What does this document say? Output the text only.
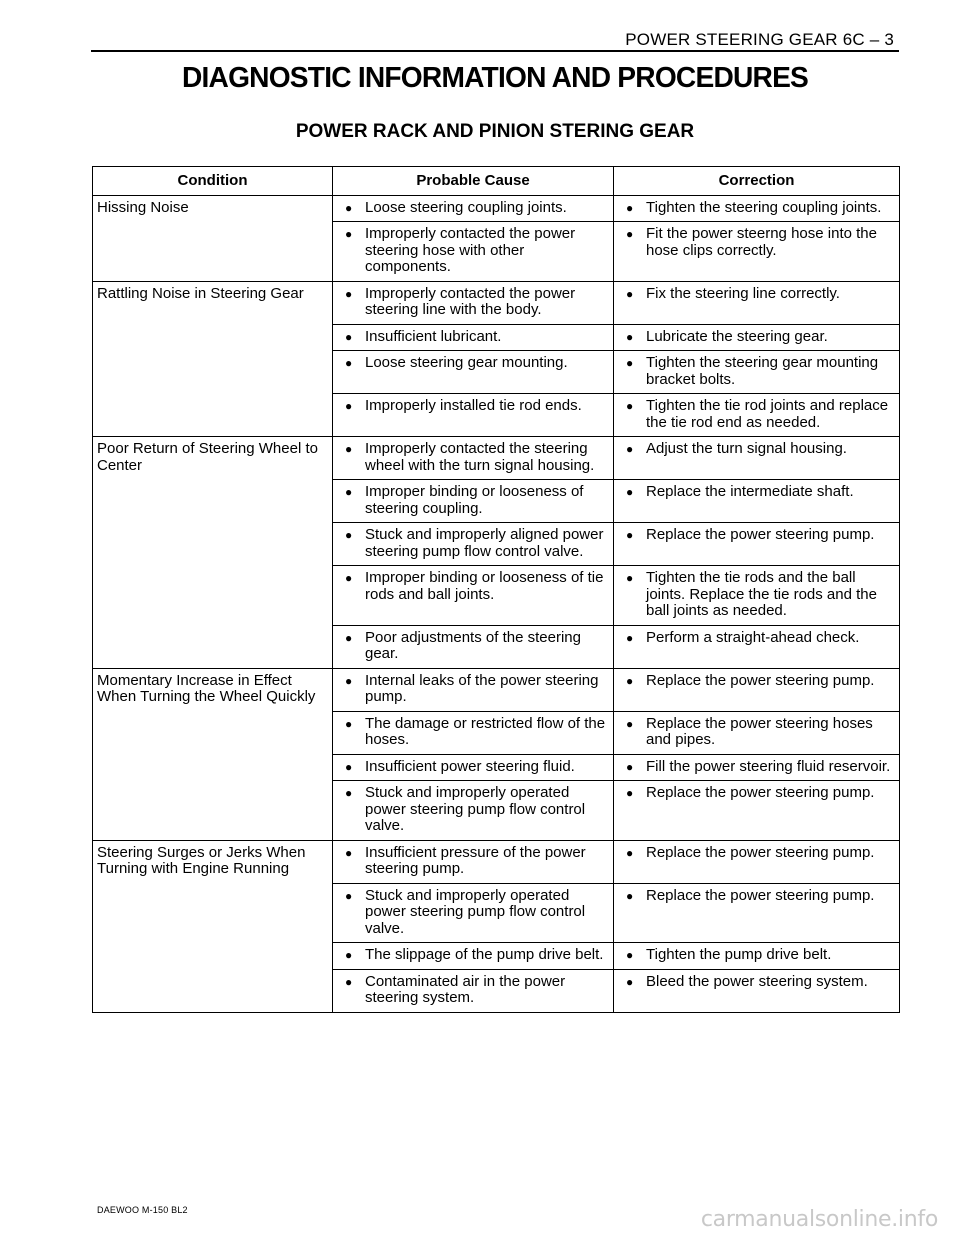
POWER STEERING GEAR 6C – 3
DIAGNOSTIC INFORMATION AND PROCEDURES
POWER RACK AND PINION STERING GEAR
Condition	Probable Cause	Correction
Hissing Noise	● Loose steering coupling joints.	● Tighten the steering coupling joints.

	● Improperly contacted the power steering hose with other components.	● Fit the power steerng hose into the hose clips correctly.

Rattling Noise in Steering Gear	● Improperly contacted the power steering line with the body.	● Fix the steering line correctly.

	● Insufficient lubricant.	● Lubricate the steering gear.

	● Loose steering gear mounting.	● Tighten the steering gear mounting bracket bolts.

	● Improperly installed tie rod ends.	● Tighten the tie rod joints and replace the tie rod end as needed.

Poor Return of Steering Wheel to Center	● Improperly contacted the steering wheel with the turn signal housing.	● Adjust the turn signal housing.

	● Improper binding or looseness of steering coupling.	● Replace the intermediate shaft.

	● Stuck and improperly aligned power steering pump flow control valve.	● Replace the power steering pump.

	● Improper binding or looseness of tie rods and ball joints.	● Tighten the tie rods and the ball joints. Replace the tie rods and the ball joints as needed.

	● Poor adjustments of the steering gear.	● Perform a straight-ahead check.

Momentary Increase in Effect When Turning the Wheel Quickly	● Internal leaks of the power steering pump.	● Replace the power steering pump.

	● The damage or restricted flow of the hoses.	● Replace the power steering hoses and pipes.

	● Insufficient power steering fluid.	● Fill the power steering fluid reservoir.

	● Stuck and improperly operated power steering pump flow control valve.	● Replace the power steering pump.

Steering Surges or Jerks When Turning with Engine Running	● Insufficient pressure of the power steering pump.	● Replace the power steering pump.

	● Stuck and improperly operated power steering pump flow control valve.	● Replace the power steering pump.

	● The slippage of the pump drive belt.	● Tighten the pump drive belt.

	● Contaminated air in the power steering system.	● Bleed the power steering system.
DAEWOO M-150 BL2	carmanualsonline.info
